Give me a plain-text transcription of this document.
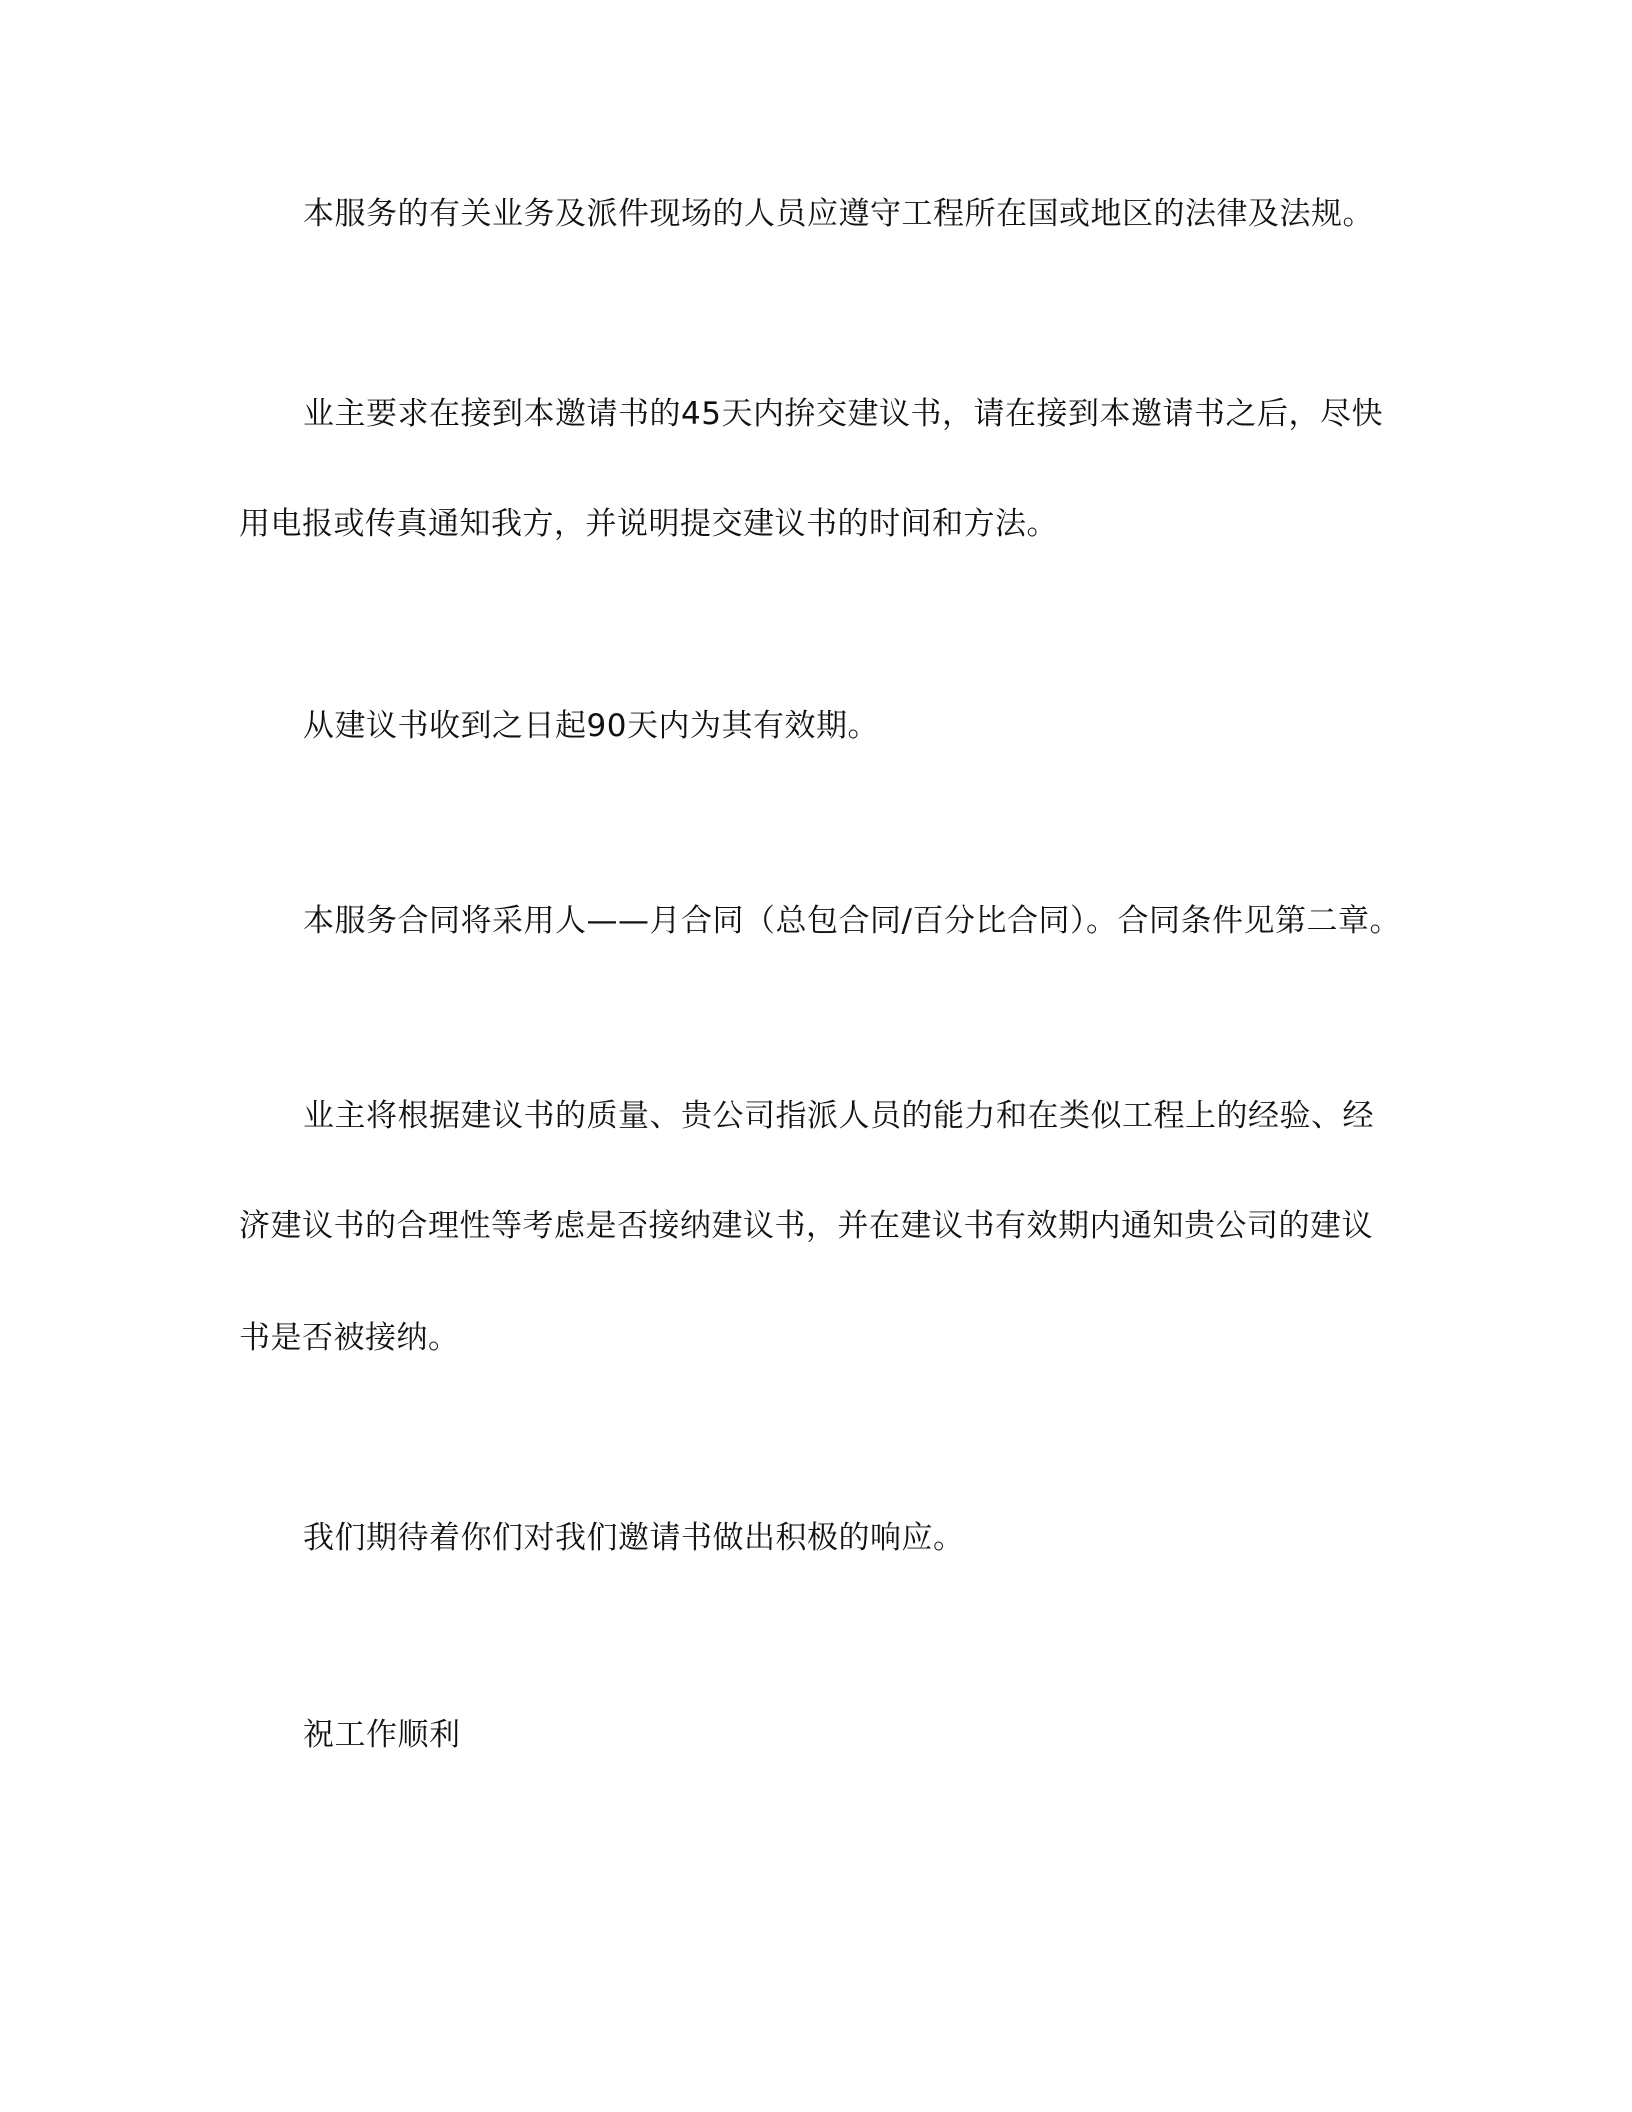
本服务的有关业务及派件现场的人员应遵守工程所在国或地区的法律及法规。
业主要求在接到本邀请书的45天内拚交建议书，请在接到本邀请书之后，尽快
用电报或传真通知我方，并说明提交建议书的时间和方法。
从建议书收到之日起90天内为其有效期。
本服务合同将采用人——月合同（总包合同/百分比合同）。合同条件见第二章。
业主将根据建议书的质量、贵公司指派人员的能力和在类似工程上的经验、经
济建议书的合理性等考虑是否接纳建议书，并在建议书有效期内通知贵公司的建议
书是否被接纳。
我们期待着你们对我们邀请书做出积极的响应。
祝工作顺利
